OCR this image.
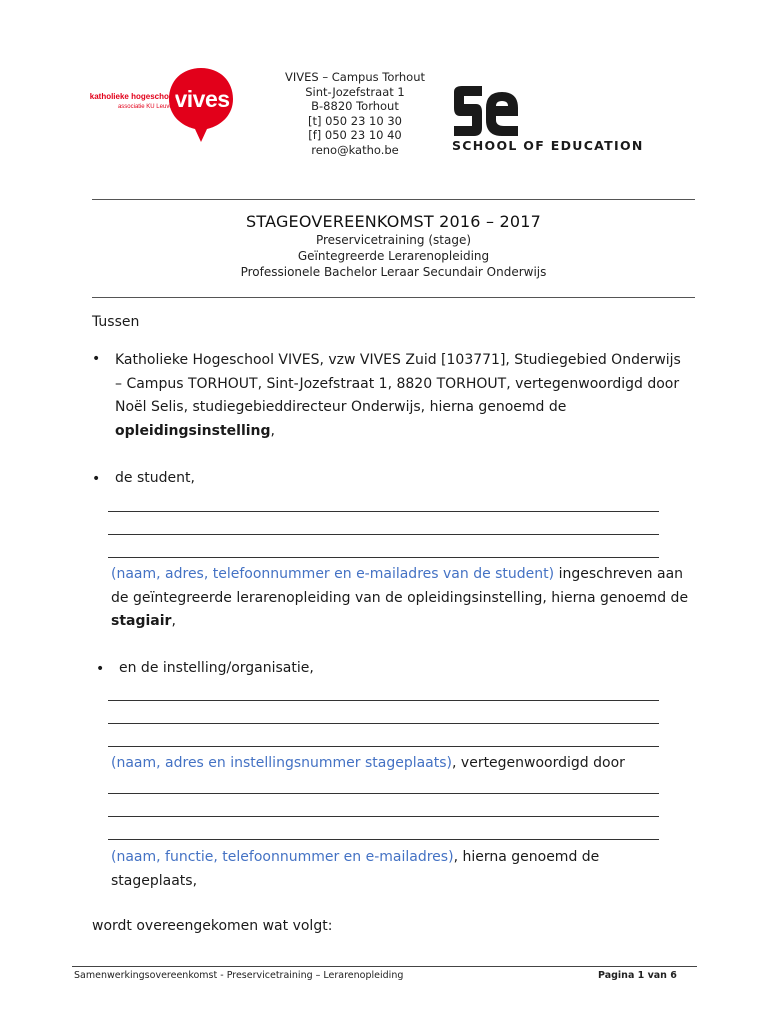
vives
katholieke hogeschool
associatie KU Leuven
VIVES – Campus Torhout
Sint-Jozefstraat 1
B-8820 Torhout
[t] 050 23 10 30
[f] 050 23 10 40
reno@katho.be	SCHOOL OF EDUCATION
STAGEOVEREENKOMST 2016 – 2017
Preservicetraining (stage)
Geïntegreerde Lerarenopleiding
Professionele Bachelor Leraar Secundair Onderwijs
Tussen
• Katholieke Hogeschool VIVES, vzw VIVES Zuid [103771], Studiegebied Onderwijs
– Campus TORHOUT, Sint-Jozefstraat 1, 8820 TORHOUT, vertegenwoordigd door
Noël Selis, studiegebieddirecteur Onderwijs, hierna genoemd de
opleidingsinstelling,
• de student,
(naam, adres, telefoonnummer en e-mailadres van de student) ingeschreven aan
de geïntegreerde lerarenopleiding van de opleidingsinstelling, hierna genoemd de
stagiair,
• en de instelling/organisatie,
(naam, adres en instellingsnummer stageplaats), vertegenwoordigd door
(naam, functie, telefoonnummer en e-mailadres), hierna genoemd de
stageplaats,
wordt overeengekomen wat volgt:
Samenwerkingsovereenkomst - Preservicetraining – Lerarenopleiding	Pagina 1 van 6
